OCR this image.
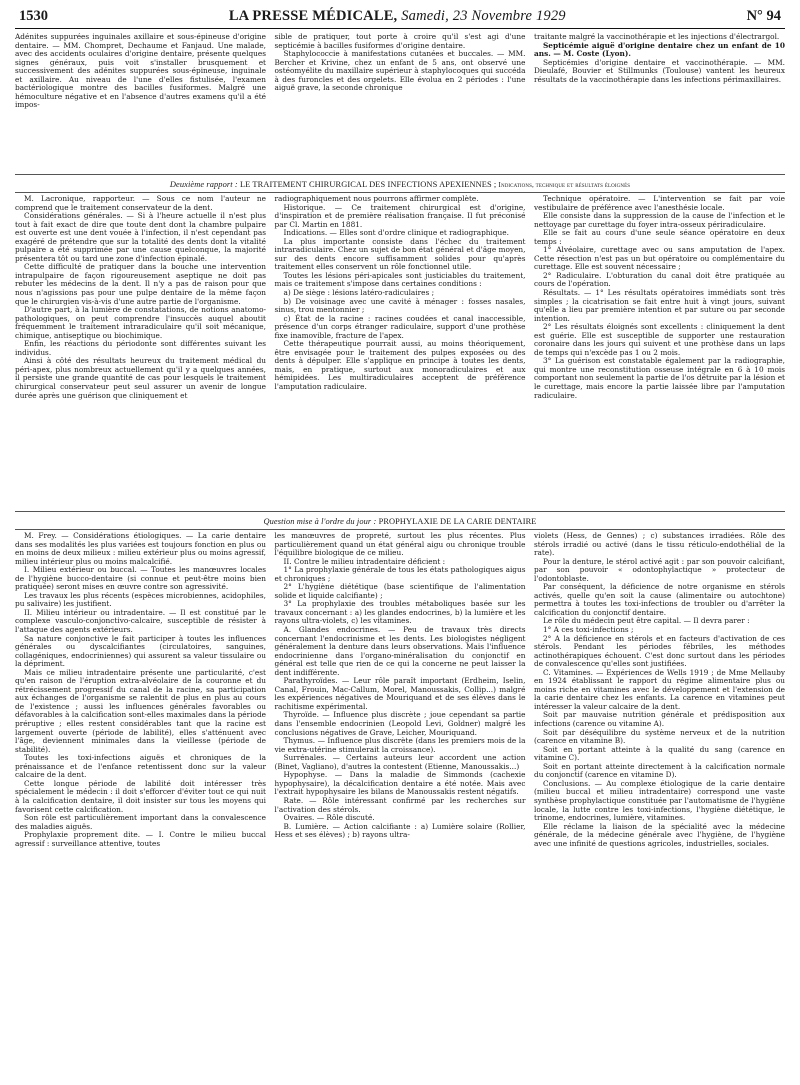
1530	LA PRESSE MÉDICALE, Samedi, 23 Novembre 1929	N° 94

Adénites suppurées inguinales axillaire et sous-épineuse d'origine dentaire. — MM. Chompret, Dechaume et Fanjaud. Une malade, avec des accidents oculaires d'origine dentaire, présente quelques signes généraux, puis voit s'installer brusquement et successivement des adénites suppurées sous-épineuse, inguinale et axillaire. Au niveau de l'une d'elles fistulisée, l'examen bactériologique montre des bacilles fusiformes. Malgré une hémoculture négative et en l'absence d'autres examens qu'il a été impos-

sible de pratiquer, tout porte à croire qu'il s'est agi d'une septicémie à bacilles fusiformes d'origine dentaire.

Staphylococcie à manifestations cutanées et buccales. — MM. Bercher et Krivine, chez un enfant de 5 ans, ont observé une ostéomyélite du maxillaire supérieur à staphylocoques qui succéda à des furoncles et des orgelets. Elle évolua en 2 périodes : l'une aiguë grave, la seconde chronique

traitante malgré la vaccinothérapie et les injections d'électrargol.

Septicémie aiguë d'origine dentaire chez un enfant de 10 ans. — M. Coste (Lyon).

Septicémies d'origine dentaire et vaccinothérapie. — MM. Dieulafé, Bouvier et Stillmunks (Toulouse) vantent les heureux résultats de la vaccinothérapie dans les infections périmaxillaires.

Deuxième rapport : LE TRAITEMENT CHIRURGICAL DES INFECTIONS APEXIENNES ; Indications, technique et résultats éloignés

M. Lacronique, rapporteur. — Sous ce nom l'auteur ne comprend que le traitement conservateur de la dent.

Considérations générales. — Si à l'heure actuelle il n'est plus tout à fait exact de dire que toute dent dont la chambre pulpaire est ouverte est une dent vouée à l'infection, il n'est cependant pas exagéré de prétendre que sur la totalité des dents dont la vitalité pulpaire a été supprimée par une cause quelconque, la majorité présentera tôt ou tard une zone d'infection épinalé.

Cette difficulté de pratiquer dans la bouche une intervention intrapulpaire de façon rigoureusement aseptique ne doit pas rebuter les médecins de la dent. Il n'y a pas de raison pour que nous n'agissions pas pour une pulpe dentaire de la même façon que le chirurgien vis-à-vis d'une autre partie de l'organisme.

D'autre part, à la lumière de constatations, de notions anatomo-pathologiques, on peut comprendre l'insuccès auquel aboutit fréquemment le traitement intraradiculaire qu'il soit mécanique, chimique, antiseptique ou biochimique.

Enfin, les réactions du périodonte sont différentes suivant les individus.

Ainsi à côté des résultats heureux du traitement médical du péri-apex, plus nombreux actuellement qu'il y a quelques années, il persiste une grande quantité de cas pour lesquels le traitement chirurgical conservateur peut seul assurer un avenir de longue durée après une guérison que cliniquement et

radiographiquement nous pourrons affirmer complète.

Historique. — Ce traitement chirurgical est d'origine, d'inspiration et de première réalisation française. Il fut préconisé par Cl. Martin en 1881.

Indications. — Elles sont d'ordre clinique et radiographique.

La plus importante consiste dans l'échec du traitement intraradiculaire. Chez un sujet de bon état général et d'âge moyen, sur des dents encore suffisamment solides pour qu'après traitement elles conservent un rôle fonctionnel utile.

Toutes les lésions péri-apicales sont justiciables du traitement, mais ce traitement s'impose dans certaines conditions :

a) De siège : lésions latéro-radiculaires ;

b) De voisinage avec une cavité à ménager : fosses nasales, sinus, trou mentonnier ;

c) État de la racine : racines coudées et canal inaccessible, présence d'un corps étranger radiculaire, support d'une prothèse fixe inamovible, fracture de l'apex.

Cette thérapeutique pourrait aussi, au moins théoriquement, être envisagée pour le traitement des pulpes exposées ou des dents à dépulper. Elle s'applique en principe à toutes les dents, mais, en pratique, surtout aux monoradiculaires et aux hémipidées. Les multiradiculaires acceptent de préférence l'amputation radiculaire.

Technique opératoire. — L'intervention se fait par voie vestibulaire de préférence avec l'anesthésie locale.

Elle consiste dans la suppression de la cause de l'infection et le nettoyage par curettage du foyer intra-osseux périradiculaire.

Elle se fait au cours d'une seule séance opératoire en deux temps :

1° Alvéolaire, curettage avec ou sans amputation de l'apex. Cette résection n'est pas un but opératoire ou complémentaire du curettage. Elle est souvent nécessaire ;

2° Radiculaire. L'obturation du canal doit être pratiquée au cours de l'opération.

Résultats. — 1° Les résultats opératoires immédiats sont très simples ; la cicatrisation se fait entre huit à vingt jours, suivant qu'elle a lieu par première intention et par suture ou par seconde intention.

2° Les résultats éloignés sont excellents : cliniquement la dent est guérie. Elle est susceptible de supporter une restauration coronaire dans les jours qui suivent et une prothèse dans un laps de temps qui n'excède pas 1 ou 2 mois.

3° La guérison est constatable également par la radiographie, qui montre une reconstitution osseuse intégrale en 6 à 10 mois comportant non seulement la partie de l'os détruite par la lésion et le curettage, mais encore la partie laissée libre par l'amputation radiculaire.

Question mise à l'ordre du jour : PROPHYLAXIE DE LA CARIE DENTAIRE

M. Frey. — Considérations étiologiques. — La carie dentaire dans ses modalités les plus variées est toujours fonction en plus ou en moins de deux milieux : milieu extérieur plus ou moins agressif, milieu intérieur plus ou moins malcalcifié.

I. Milieu extérieur ou buccal. — Toutes les manœuvres locales de l'hygiène bucco-dentaire (si connue et peut-être moins bien pratiquée) seront mises en œuvre contre son agressivité.

Les travaux les plus récents (espèces microbiennes, acidophiles, pu salivaire) les justifient.

II. Milieu intérieur ou intradentaire. — Il est constitué par le complexe vasculo-conjonctivo-calcaire, susceptible de résister à l'attaque des agents extérieurs.

Sa nature conjonctive le fait participer à toutes les influences générales ou dyscalcifiantes (circulatoires, sanguines, collagéniques, endocriniennes) qui assurent sa valeur tissulaire ou la dépriment.

Mais ce milieu intradentaire présente une particularité, c'est qu'en raison de l'éruption extra-alvéolaire de la couronne et du rétrécissement progressif du canal de la racine, sa participation aux échanges de l'organisme se ralentit de plus en plus au cours de l'existence ; aussi les influences générales favorables ou défavorables à la calcification sont-elles maximales dans la période préruptive ; elles restent considérables tant que la racine est largement ouverte (période de labilité), elles s'atténuent avec l'âge, deviennent minimales dans la vieillesse (période de stabilité).

Toutes les toxi-infections aiguës et chroniques de la prénaissance et de l'enfance retentissent donc sur la valeur calcaire de la dent.

Cette longue période de labilité doit intéresser très spécialement le médecin : il doit s'efforcer d'éviter tout ce qui nuit à la calcification dentaire, il doit insister sur tous les moyens qui favorisent cette calcification.

Son rôle est particulièrement important dans la convalescence des maladies aiguës.

Prophylaxie proprement dite. — I. Contre le milieu buccal agressif : surveillance attentive, toutes

les manœuvres de propreté, surtout les plus récentes. Plus particulièrement quand un état général aigu ou chronique trouble l'équilibre biologique de ce milieu.

II. Contre le milieu intradentaire déficient :

1° La prophylaxie générale de tous les états pathologiques aigus et chroniques ;

2° L'hygiène diététique (base scientifique de l'alimentation solide et liquide calcifiante) ;

3° La prophylaxie des troubles métaboliques basée sur les travaux concernant : a) les glandes endocrines, b) la lumière et les rayons ultra-violets, c) les vitamines.

A. Glandes endocrines. — Peu de travaux très directs concernant l'endocrinisme et les dents. Les biologistes négligent généralement la denture dans leurs observations. Mais l'influence endocrinienne dans l'organo-minéralisation du conjonctif en général est telle que rien de ce qui la concerne ne peut laisser la dent indifférente.

Parathyroïdes. — Leur rôle paraît important (Erdheim, Iselin, Canal, Frouin, Mac-Callum, Morel, Manoussakis, Collip...) malgré les expériences négatives de Mouriquand et de ses élèves dans le rachitisme expérimental.

Thyroïde. — Influence plus discrète ; joue cependant sa partie dans l'ensemble endocrinien (Leopold Levi, Goldner) malgré les conclusions négatives de Grave, Leicher, Mouriquand.

Thymus. — Influence plus discrète (dans les premiers mois de la vie extra-utérine stimulerait la croissance).

Surrénales. — Certains auteurs leur accordent une action (Binet, Vagliano), d'autres la contestent (Etienne, Manoussakis...)

Hypophyse. — Dans la maladie de Simmonds (cachexie hypophysaire), la décalcification dentaire a été notée. Mais avec l'extrait hypophysaire les bilans de Manoussakis restent négatifs.

Rate. — Rôle intéressant confirmé par les recherches sur l'activation des stérols.

Ovaires. — Rôle discuté.

B. Lumière. — Action calcifiante : a) Lumière solaire (Rollier, Hess et ses élèves) ; b) rayons ultra-

violets (Hess, de Gennes) ; c) substances irradiées. Rôle des stérols irradié ou activé (dans le tissu réticulo-endothélial de la rate).

Pour la denture, le stérol activé agit : par son pouvoir calcifiant, par son pouvoir « odontophylactique » protecteur de l'odontoblaste.

Par conséquent, la déficience de notre organisme en stérols activés, quelle qu'en soit la cause (alimentaire ou autochtone) permettra à toutes les toxi-infections de troubler ou d'arrêter la calcification du conjonctif dentaire.

Le rôle du médecin peut être capital. — Il devra parer :

1° A ces toxi-infections ;

2° A la déficience en stérols et en facteurs d'activation de ces stérols. Pendant les périodes fébriles, les méthodes actinothérapiques échouent. C'est donc surtout dans les périodes de convalescence qu'elles sont justifiées.

C. Vitamines. — Expériences de Wells 1919 ; de Mme Mellauby en 1924 établissant le rapport du régime alimentaire plus ou moins riche en vitamines avec le développement et l'extension de la carie dentaire chez les enfants. La carence en vitamines peut intéresser la valeur calcaire de la dent.

Soit par mauvaise nutrition générale et prédisposition aux infections (carence ou vitamine A).

Soit par déséquilibre du système nerveux et de la nutrition (carence en vitamine B).

Soit en portant atteinte à la qualité du sang (carence en vitamine C).

Soit en portant atteinte directement à la calcification normale du conjonctif (carence en vitamine D).

Conclusions. — Au complexe étiologique de la carie dentaire (milieu buccal et milieu intradentaire) correspond une vaste synthèse prophylactique constituée par l'automatisme de l'hygiène locale, la lutte contre les toxi-infections, l'hygiène diététique, le trinome, endocrines, lumière, vitamines.

Elle réclame la liaison de la spécialité avec la médecine générale, de la médecine générale avec l'hygiène, de l'hygiène avec une infinité de questions agricoles, industrielles, sociales.
